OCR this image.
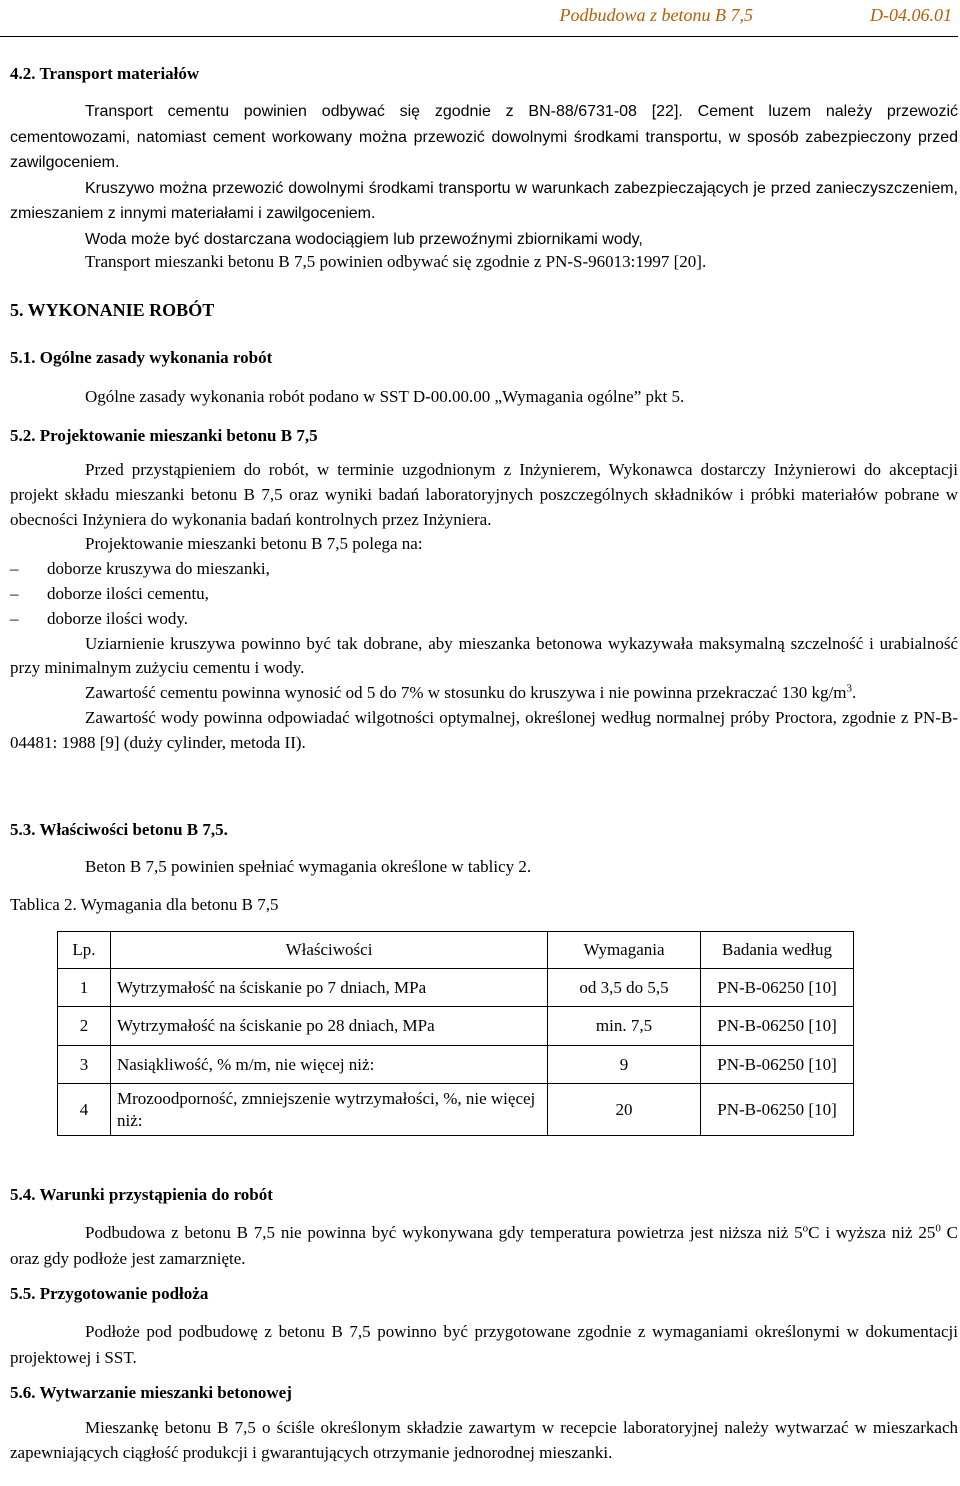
Podbudowa z betonu B 7,5	D-04.06.01
4.2. Transport materiałów

Transport cementu powinien odbywać się zgodnie z BN-88/6731-08 [22]. Cement luzem należy przewozić cementowozami, natomiast cement workowany można przewozić dowolnymi środkami transportu, w sposób zabezpieczony przed zawilgoceniem.

Kruszywo można przewozić dowolnymi środkami transportu w warunkach zabezpieczających je przed zanieczyszczeniem, zmieszaniem z innymi materiałami i zawilgoceniem.

Woda może być dostarczana wodociągiem lub przewoźnymi zbiornikami wody,

Transport mieszanki betonu B 7,5 powinien odbywać się zgodnie z PN-S-96013:1997 [20].

5. WYKONANIE ROBÓT
5.1. Ogólne zasady wykonania robót

Ogólne zasady wykonania robót podano w SST D-00.00.00 „Wymagania ogólne” pkt 5.

5.2. Projektowanie mieszanki betonu B 7,5

Przed przystąpieniem do robót, w terminie uzgodnionym z Inżynierem, Wykonawca dostarczy Inżynierowi do akceptacji projekt składu mieszanki betonu B 7,5 oraz wyniki badań laboratoryjnych poszczególnych składników i próbki materiałów pobrane w obecności Inżyniera do wykonania badań kontrolnych przez Inżyniera.

Projektowanie mieszanki betonu B 7,5 polega na:

– doborze kruszywa do mieszanki,
– doborze ilości cementu,
– doborze ilości wody.

Uziarnienie kruszywa powinno być tak dobrane, aby mieszanka betonowa wykazywała maksymalną szczelność i urabialność przy minimalnym zużyciu cementu i wody.

Zawartość cementu powinna wynosić od 5 do 7% w stosunku do kruszywa i nie powinna przekraczać 130 $kg/m^3$.

Zawartość wody powinna odpowiadać wilgotności optymalnej, określonej według normalnej próby Proctora, zgodnie z PN-B-04481: 1988 [9] (duży cylinder, metoda II).

5.3. Właściwości betonu B 7,5.

Beton B 7,5 powinien spełniać wymagania określone w tablicy 2.

Tablica 2. Wymagania dla betonu B 7,5
Lp.	Właściwości	Wymagania	Badania według
1	Wytrzymałość na ściskanie po 7 dniach, MPa	od 3,5 do 5,5	PN-B-06250 [10]
2	Wytrzymałość na ściskanie po 28 dniach, MPa	min. 7,5	PN-B-06250 [10]
3	Nasiąkliwość, % m/m, nie więcej niż:	9	PN-B-06250 [10]
4	Mrozoodporność, zmniejszenie wytrzymałości, %, nie więcej niż:	20	PN-B-06250 [10]
5.4. Warunki przystąpienia do robót

Podbudowa z betonu B 7,5 nie powinna być wykonywana gdy temperatura powietrza jest niższa niż 5$^o$C i wyższa niż $25^0$ C oraz gdy podłoże jest zamarznięte.

5.5. Przygotowanie podłoża

Podłoże pod podbudowę z betonu B 7,5 powinno być przygotowane zgodnie z wymaganiami określonymi w dokumentacji projektowej i SST.

5.6. Wytwarzanie mieszanki betonowej

Mieszankę betonu B 7,5 o ściśle określonym składzie zawartym w recepcie laboratoryjnej należy wytwarzać w mieszarkach zapewniających ciągłość produkcji i gwarantujących otrzymanie jednorodnej mieszanki.
